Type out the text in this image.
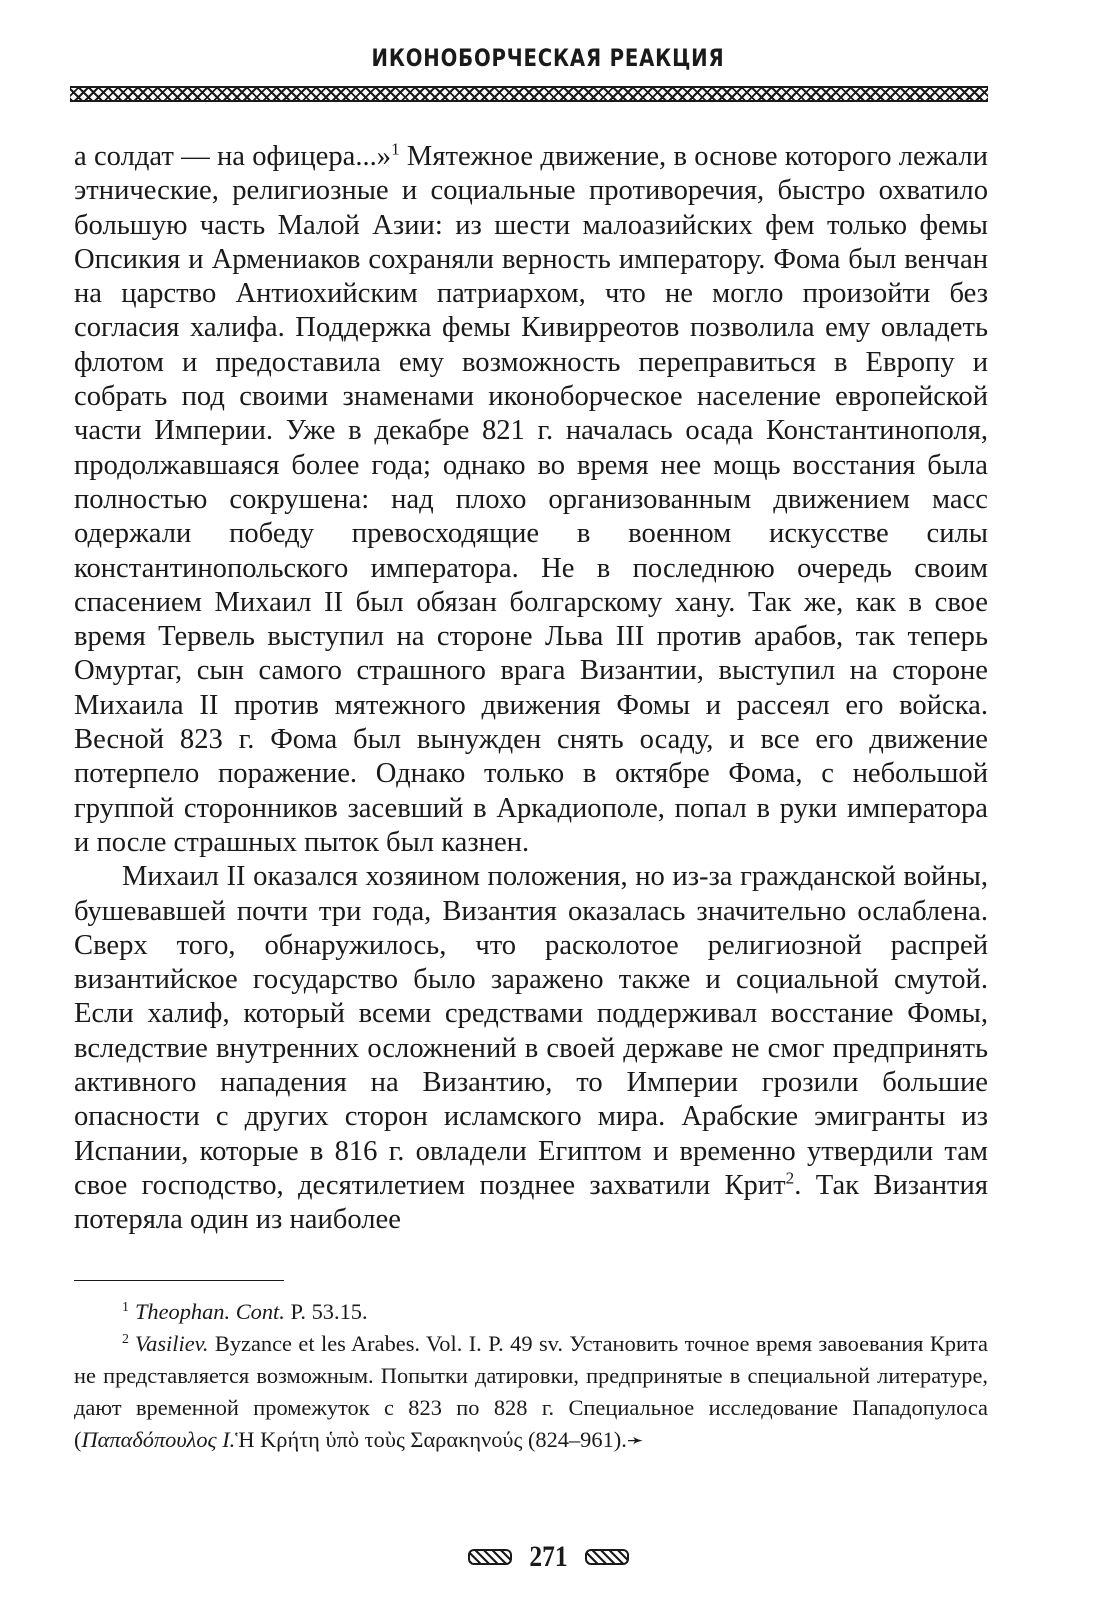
ИКОНОБОРЧЕСКАЯ РЕАКЦИЯ

а солдат — на офицера...»$^1$ Мятежное движение, в основе которого лежали этнические, религиозные и социальные противоречия, быстро охватило большую часть Малой Азии: из шести малоазийских фем только фемы Опсикия и Армениаков сохраняли верность императору. Фома был венчан на царство Антиохийским патриархом, что не могло произойти без согласия халифа. Поддержка фемы Кивирреотов позволила ему овладеть флотом и предоставила ему возможность переправиться в Европу и собрать под своими знаменами иконоборческое население европейской части Империи. Уже в декабре 821 г. началась осада Константинополя, продолжавшаяся более года; однако во время нее мощь восстания была полностью сокрушена: над плохо организованным движением масс одержали победу превосходящие в военном искусстве силы константинопольского императора. Не в последнюю очередь своим спасением Михаил II был обязан болгарскому хану. Так же, как в свое время Тервель выступил на стороне Льва III против арабов, так теперь Омуртаг, сын самого страшного врага Византии, выступил на стороне Михаила II против мятежного движения Фомы и рассеял его войска. Весной 823 г. Фома был вынужден снять осаду, и все его движение потерпело поражение. Однако только в октябре Фома, с небольшой группой сторонников засевший в Аркадиополе, попал в руки императора и после страшных пыток был казнен.

Михаил II оказался хозяином положения, но из-за гражданской войны, бушевавшей почти три года, Византия оказалась значительно ослаблена. Сверх того, обнаружилось, что расколотое религиозной распрей византийское государство было заражено также и социальной смутой. Если халиф, который всеми средствами поддерживал восстание Фомы, вследствие внутренних осложнений в своей державе не смог предпринять активного нападения на Византию, то Империи грозили большие опасности с других сторон исламского мира. Арабские эмигранты из Испании, которые в 816 г. овладели Египтом и временно утвердили там свое господство, десятилетием позднее захватили Крит$^2$. Так Византия потеряла один из наиболее

$^1$ Theophan. Cont. P. 53.15.

$^2$ Vasiliev. Byzance et les Arabes. Vol. I. P. 49 sv. Установить точное время завоевания Крита не представляется возможным. Попытки датировки, предпринятые в специальной литературе, дают временной промежуток с 823 по 828 г. Специальное исследование Пападопулоса (Παπαδόπουλος Ι.Ἡ Κρήτη ὑπὸ τοὺς Σαρακηνούς (824–961).➛

271
